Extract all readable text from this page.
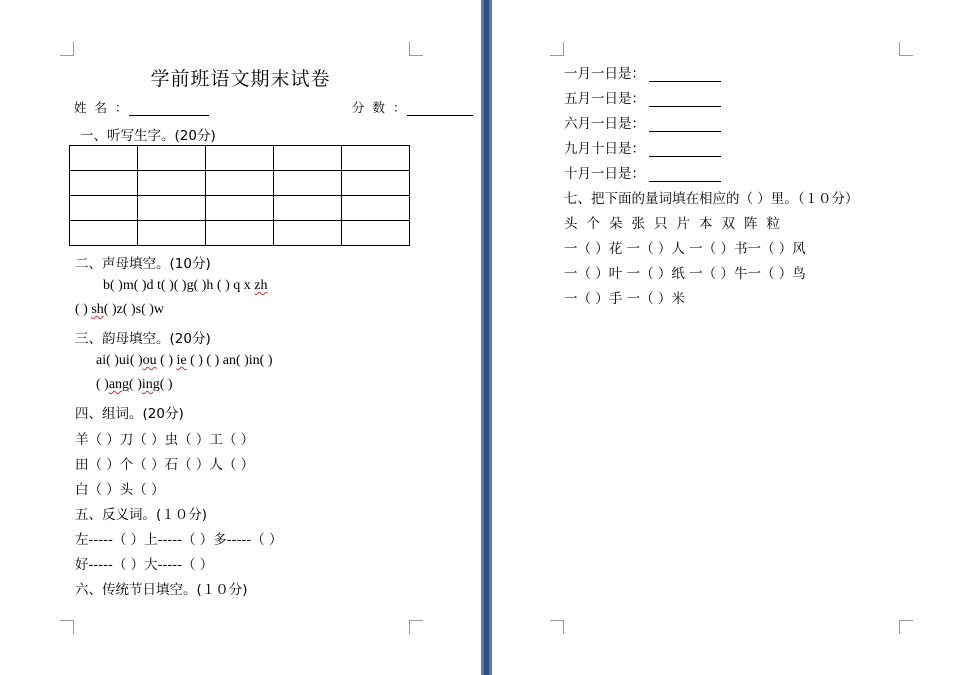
学前班语文期末试卷
姓 名 ：	分 数 ：
一、听写生字。(20分)

二、声母填空。(10分)
b( )m( )d t( )( )g( )h ( ) q x zh
( ) sh( )z( )s( )w
三、韵母填空。(20分)
ai( )ui( )ou ( ) ie ( ) ( ) an( )in( )
( )ang( )ing( )
四、组词。(20分)
羊（ ）刀（ ）虫（ ）工（ ）
田（ ）个（ ）石（ ）人（ ）
白（ ）头（ ）
五、反义词。(１０分)
左-----（ ）上-----（ ）多-----（ ）
好-----（ ）大-----（ ）
六、传统节日填空。(１０分)
一月一日是：
五月一日是：
六月一日是：
九月十日是：
十月一日是：
七、把下面的量词填在相应的（ ）里。（１０分）
头个朵张只片本双阵粒
一（ ）花 一（ ）人 一（ ）书一（ ）风
一（ ）叶 一（ ）纸 一（ ）牛一（ ）鸟
一（ ）手 一（ ）米
